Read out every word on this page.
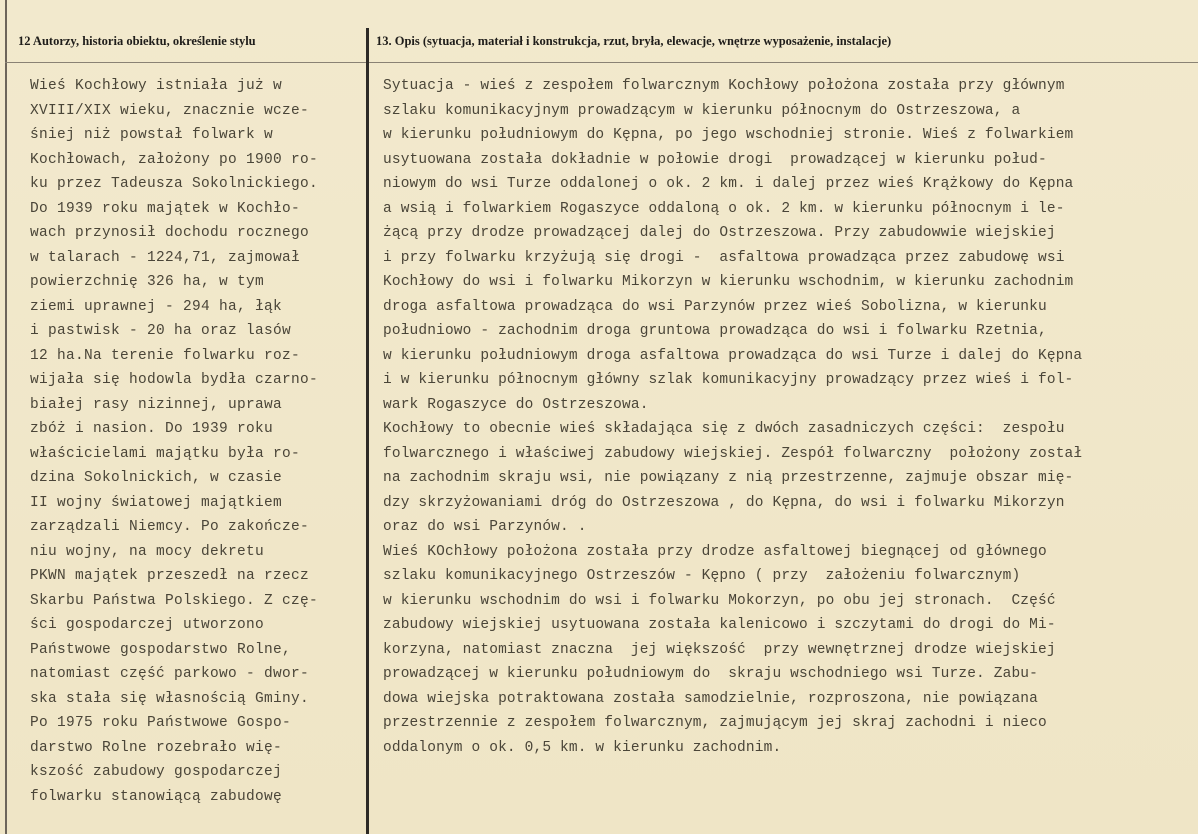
12 Autorzy, historia obiektu, określenie stylu	13. Opis (sytuacja, materiał i konstrukcja, rzut, bryła, elewacje, wnętrze wyposażenie, instalacje)
Wieś Kochłowy istniała już w
XVIII/XIX wieku, znacznie wcze-
śniej niż powstał folwark w
Kochłowach, założony po 1900 ro-
ku przez Tadeusza Sokolnickiego.
Do 1939 roku majątek w Kochło-
wach przynosił dochodu rocznego
w talarach - 1224,71, zajmował
powierzchnię 326 ha, w tym
ziemi uprawnej - 294 ha, łąk
i pastwisk - 20 ha oraz lasów
12 ha.Na terenie folwarku roz-
wijała się hodowla bydła czarno-
białej rasy nizinnej, uprawa
zbóż i nasion. Do 1939 roku
właścicielami majątku była ro-
dzina Sokolnickich, w czasie
II wojny światowej majątkiem
zarządzali Niemcy. Po zakończe-
niu wojny, na mocy dekretu
PKWN majątek przeszedł na rzecz
Skarbu Państwa Polskiego. Z czę-
ści gospodarczej utworzono
Państwowe gospodarstwo Rolne,
natomiast część parkowo - dwor-
ska stała się własnością Gminy.
Po 1975 roku Państwowe Gospo-
darstwo Rolne rozebrało wię-
kszość zabudowy gospodarczej
folwarku stanowiącą zabudowę
Sytuacja - wieś z zespołem folwarcznym Kochłowy położona została przy głównym
szlaku komunikacyjnym prowadzącym w kierunku północnym do Ostrzeszowa, a
w kierunku południowym do Kępna, po jego wschodniej stronie. Wieś z folwarkiem
usytuowana została dokładnie w połowie drogi  prowadzącej w kierunku połud-
niowym do wsi Turze oddalonej o ok. 2 km. i dalej przez wieś Krążkowy do Kępna
a wsią i folwarkiem Rogaszyce oddaloną o ok. 2 km. w kierunku północnym i le-
żącą przy drodze prowadzącej dalej do Ostrzeszowa. Przy zabudowwie wiejskiej
i przy folwarku krzyżują się drogi -  asfaltowa prowadząca przez zabudowę wsi
Kochłowy do wsi i folwarku Mikorzyn w kierunku wschodnim, w kierunku zachodnim
droga asfaltowa prowadząca do wsi Parzynów przez wieś Sobolizna, w kierunku
południowo - zachodnim droga gruntowa prowadząca do wsi i folwarku Rzetnia,
w kierunku południowym droga asfaltowa prowadząca do wsi Turze i dalej do Kępna
i w kierunku północnym główny szlak komunikacyjny prowadzący przez wieś i fol-
wark Rogaszyce do Ostrzeszowa.
Kochłowy to obecnie wieś składająca się z dwóch zasadniczych części:  zespołu
folwarcznego i właściwej zabudowy wiejskiej. Zespół folwarczny  położony został
na zachodnim skraju wsi, nie powiązany z nią przestrzenne, zajmuje obszar mię-
dzy skrzyżowaniami dróg do Ostrzeszowa , do Kępna, do wsi i folwarku Mikorzyn
oraz do wsi Parzynów. .
Wieś KOchłowy położona została przy drodze asfaltowej biegnącej od głównego
szlaku komunikacyjnego Ostrzeszów - Kępno ( przy  założeniu folwarcznym)
w kierunku wschodnim do wsi i folwarku Mokorzyn, po obu jej stronach.  Część
zabudowy wiejskiej usytuowana została kalenicowo i szczytami do drogi do Mi-
korzyna, natomiast znaczna  jej większość  przy wewnętrznej drodze wiejskiej
prowadzącej w kierunku południowym do  skraju wschodniego wsi Turze. Zabu-
dowa wiejska potraktowana została samodzielnie, rozproszona, nie powiązana
przestrzennie z zespołem folwarcznym, zajmującym jej skraj zachodni i nieco
oddalonym o ok. 0,5 km. w kierunku zachodnim.
